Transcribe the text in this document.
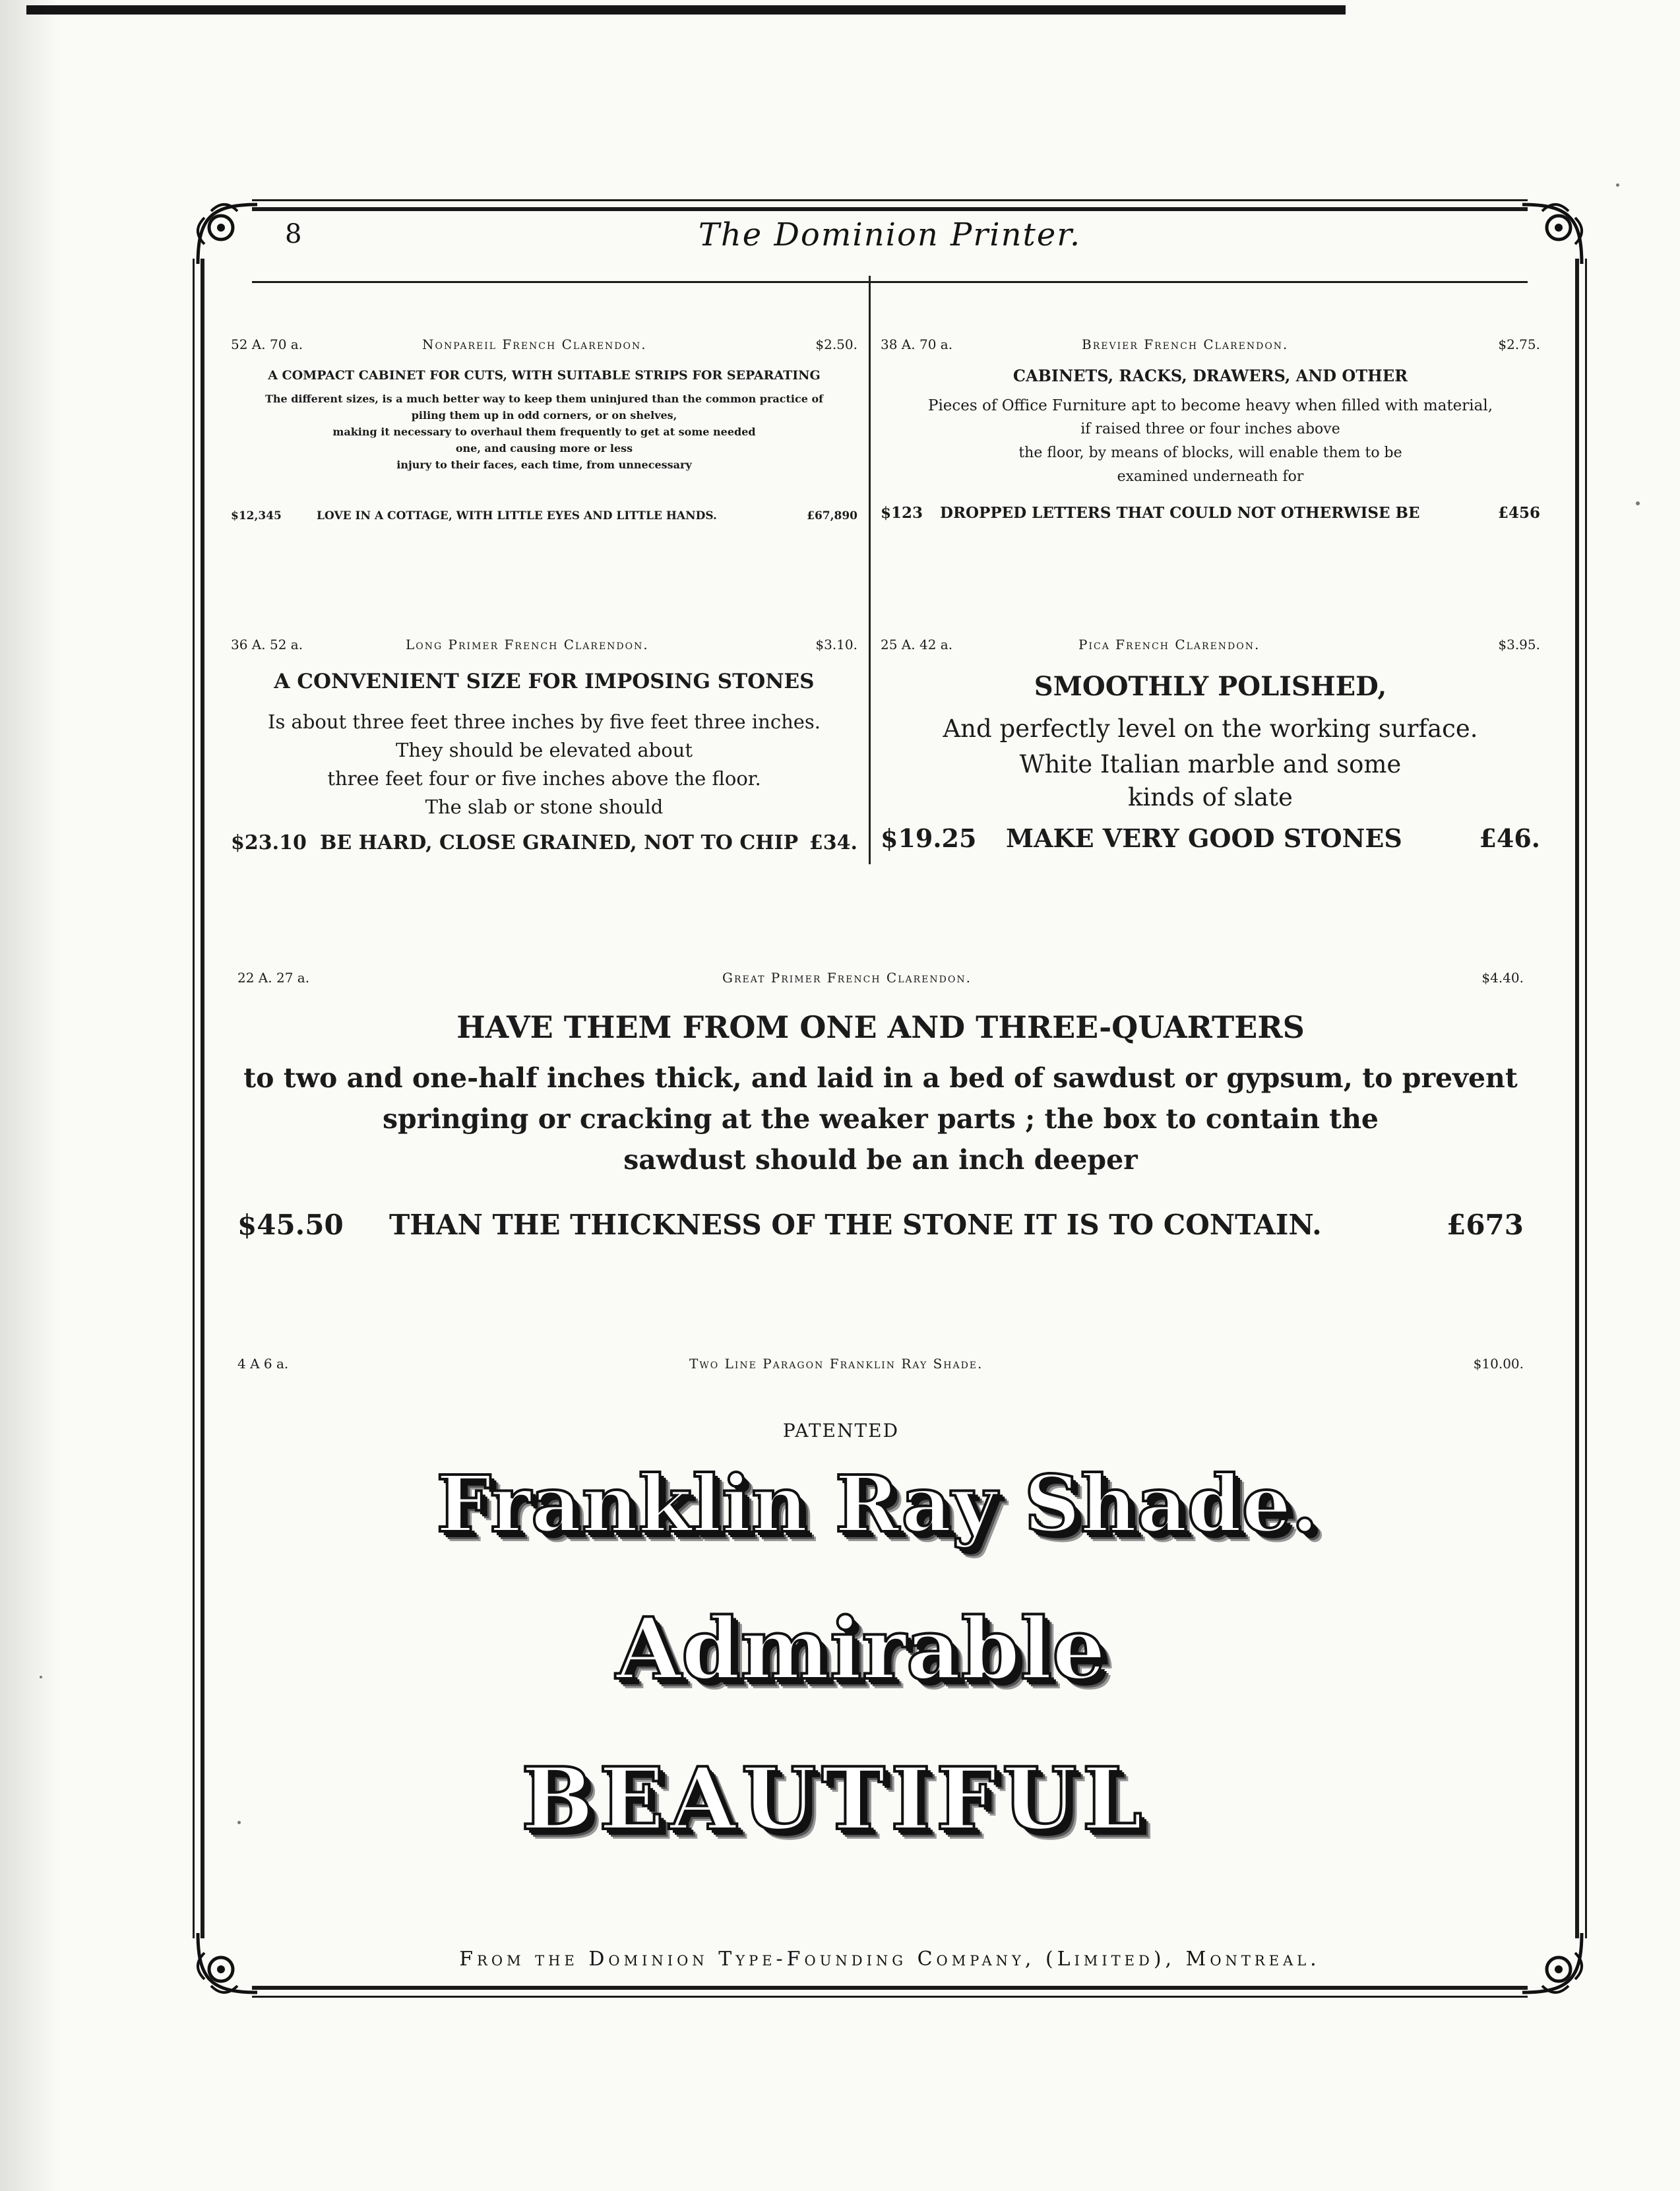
8	The Dominion Printer.
52 A. 70 a.	Nonpareil French Clarendon.	$2.50.
A COMPACT CABINET FOR CUTS, WITH SUITABLE STRIPS FOR SEPARATING
The different sizes, is a much better way to keep them uninjured than the common practice of
piling them up in odd corners, or on shelves,
making it necessary to overhaul them frequently to get at some needed
one, and causing more or less
injury to their faces, each time, from unnecessary
$12,345	LOVE IN A COTTAGE, WITH LITTLE EYES AND LITTLE HANDS.	£67,890
38 A. 70 a.	Brevier French Clarendon.	$2.75.
CABINETS, RACKS, DRAWERS, AND OTHER
Pieces of Office Furniture apt to become heavy when filled with material,
if raised three or four inches above
the floor, by means of blocks, will enable them to be
examined underneath for
$123 DROPPED LETTERS THAT COULD NOT OTHERWISE BE	£456
36 A. 52 a.	Long Primer French Clarendon.	$3.10.
A CONVENIENT SIZE FOR IMPOSING STONES
Is about three feet three inches by five feet three inches.
They should be elevated about
three feet four or five inches above the floor.
The slab or stone should
$23.10 BE HARD, CLOSE GRAINED, NOT TO CHIP £34.
25 A. 42 a.	Pica French Clarendon.	$3.95.
SMOOTHLY POLISHED,
And perfectly level on the working surface.
White Italian marble and some
kinds of slate
$19.25 MAKE VERY GOOD STONES	£46.
22 A. 27 a.	Great Primer French Clarendon.	$4.40.
HAVE THEM FROM ONE AND THREE-QUARTERS
to two and one-half inches thick, and laid in a bed of sawdust or gypsum, to prevent
springing or cracking at the weaker parts ; the box to contain the
sawdust should be an inch deeper
$45.50 THAN THE THICKNESS OF THE STONE IT IS TO CONTAIN.	£673
4 A 6 a.	Two Line Paragon Franklin Ray Shade.	$10.00.
PATENTED
Franklin Ray Shade.
Admirable
BEAUTIFUL
From the Dominion Type-Founding Company, (Limited), Montreal.
